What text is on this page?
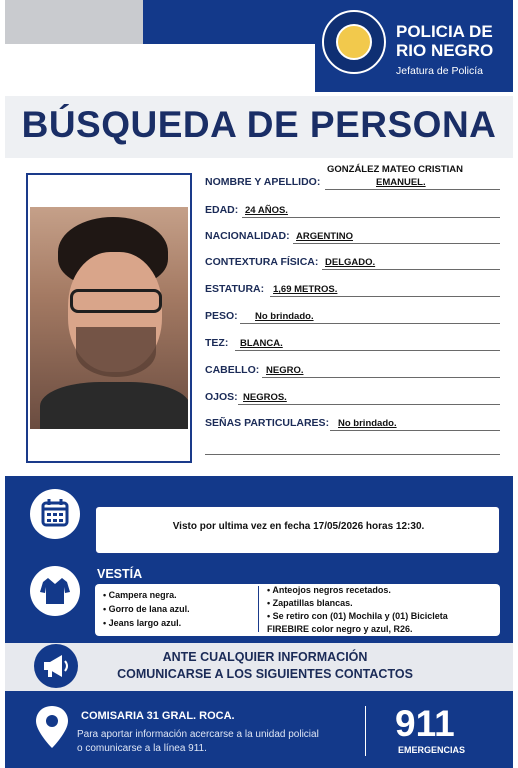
POLICIA DE
RIO NEGRO
Jefatura de Policía
BÚSQUEDA DE PERSONA
GONZÁLEZ MATEO CRISTIAN
EMANUEL.
NOMBRE Y APELLIDO:
EDAD: 24 AÑOS.
NACIONALIDAD: ARGENTINO
CONTEXTURA FÍSICA: DELGADO.
ESTATURA: 1,69 METROS.
PESO: No brindado.
TEZ: BLANCA.
CABELLO: NEGRO.
OJOS: NEGROS.
SEÑAS PARTICULARES: No brindado.
Visto por ultima vez en fecha 17/05/2026 horas 12:30.
VESTÍA
• Campera negra.
• Gorro de lana azul.
• Jeans largo azul.
• Anteojos negros recetados.
• Zapatillas blancas.
• Se retiro con (01) Mochila y (01) Bicicleta
FIREBIRE color negro y azul, R26.
ANTE CUALQUIER INFORMACIÓN
COMUNICARSE A LOS SIGUIENTES CONTACTOS
COMISARIA 31 GRAL. ROCA.
Para aportar información acercarse a la unidad policial
o comunicarse a la línea 911.
911
EMERGENCIAS
